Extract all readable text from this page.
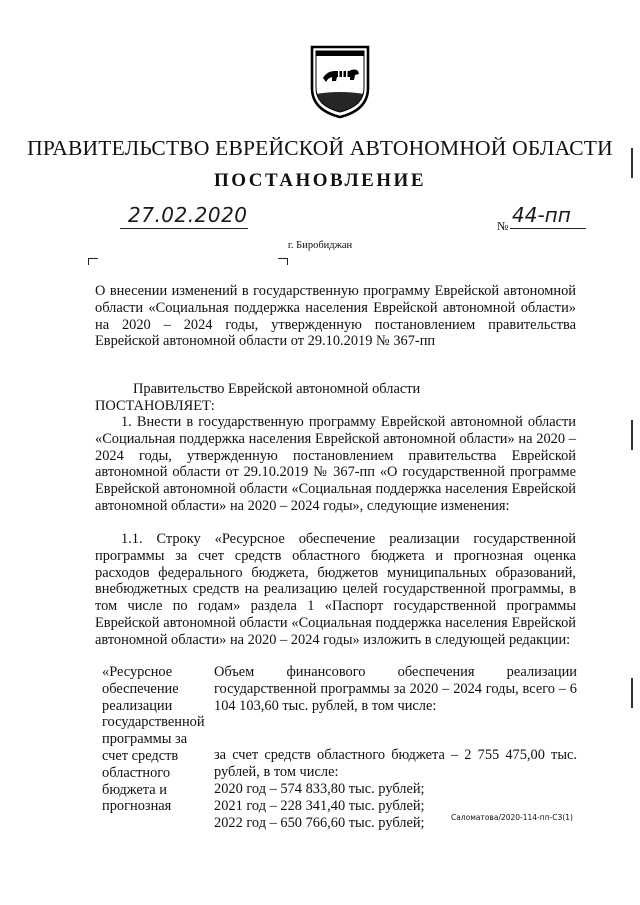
ПРАВИТЕЛЬСТВО ЕВРЕЙСКОЙ АВТОНОМНОЙ ОБЛАСТИ
ПОСТАНОВЛЕНИЕ
27.02.2020	№ 44-пп
г. Биробиджан
О внесении изменений в государственную программу Еврейской автономной
области «Социальная поддержка населения Еврейской автономной области»
на 2020 – 2024 годы, утвержденную постановлением правительства
Еврейской автономной области от 29.10.2019 № 367-пп
Правительство Еврейской автономной области
ПОСТАНОВЛЯЕТ:
1. Внести в государственную программу Еврейской автономной области «Социальная поддержка населения Еврейской автономной области» на 2020 – 2024 годы, утвержденную постановлением правительства Еврейской автономной области от 29.10.2019 № 367-пп «О государственной программе Еврейской автономной области «Социальная поддержка населения Еврейской автономной области» на 2020 – 2024 годы», следующие изменения:
1.1. Строку «Ресурсное обеспечение реализации государственной программы за счет средств областного бюджета и прогнозная оценка расходов федерального бюджета, бюджетов муниципальных образований, внебюджетных средств на реализацию целей государственной программы, в том числе по годам» раздела 1 «Паспорт государственной программы Еврейской автономной области «Социальная поддержка населения Еврейской автономной области» на 2020 – 2024 годы» изложить в следующей редакции:
«Ресурсное
обеспечение
реализации
государственной
программы за
счет средств
областного
бюджета и
прогнозная
Объем финансового обеспечения реализации государственной программы за 2020 – 2024 годы, всего – 6 104 103,60 тыс. рублей, в том числе:
за счет средств областного бюджета – 2 755 475,00 тыс. рублей, в том числе:
2020 год – 574 833,80 тыс. рублей;
2021 год – 228 341,40 тыс. рублей;
2022 год – 650 766,60 тыс. рублей;	Саломатова/2020-114-пп-СЗ(1)
